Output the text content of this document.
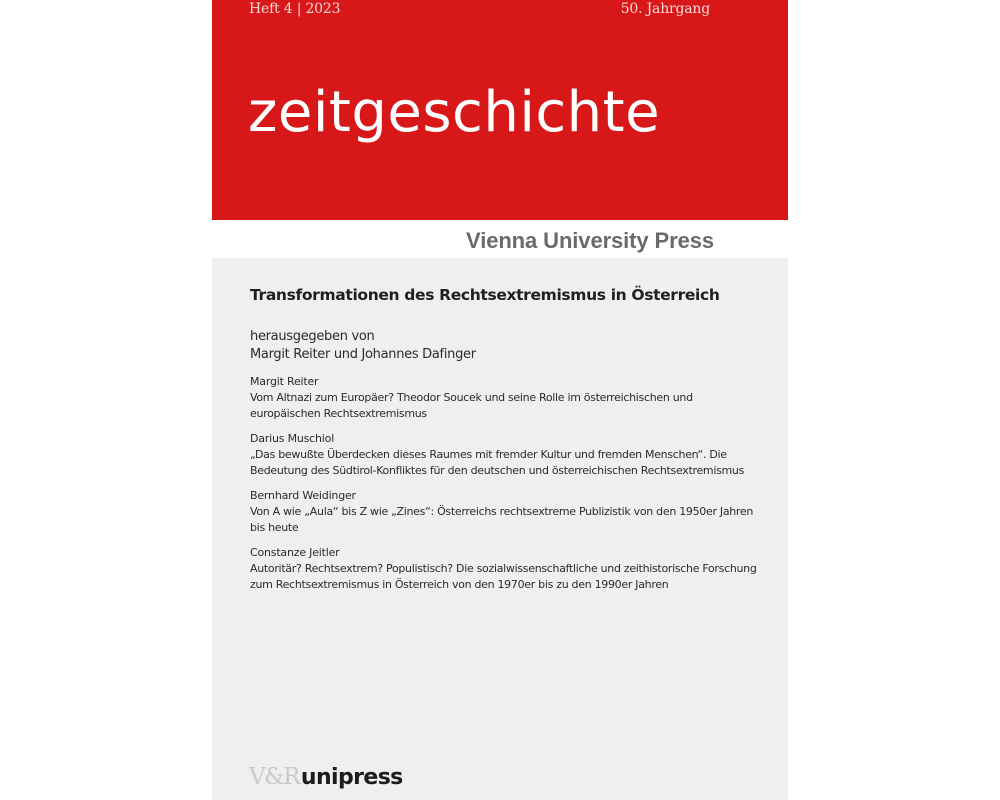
Heft 4 | 2023	50. Jahrgang
zeitgeschichte
Vienna University Press
Transformationen des Rechtsextremismus in Österreich
herausgegeben von
Margit Reiter und Johannes Dafinger
Margit Reiter
Vom Altnazi zum Europäer? Theodor Soucek und seine Rolle im österreichischen und europäischen Rechtsextremismus
Darius Muschiol
„Das bewußte Überdecken dieses Raumes mit fremder Kultur und fremden Menschen“. Die Bedeutung des Südtirol-Konfliktes für den deutschen und österreichischen Rechtsextremismus
Bernhard Weidinger
Von A wie „Aula“ bis Z wie „Zines“: Österreichs rechtsextreme Publizistik von den 1950er Jahren bis heute
Constanze Jeitler
Autoritär? Rechtsextrem? Populistisch? Die sozialwissenschaftliche und zeithistorische Forschung zum Rechtsextremismus in Österreich von den 1970er bis zu den 1990er Jahren
V&Runipress
